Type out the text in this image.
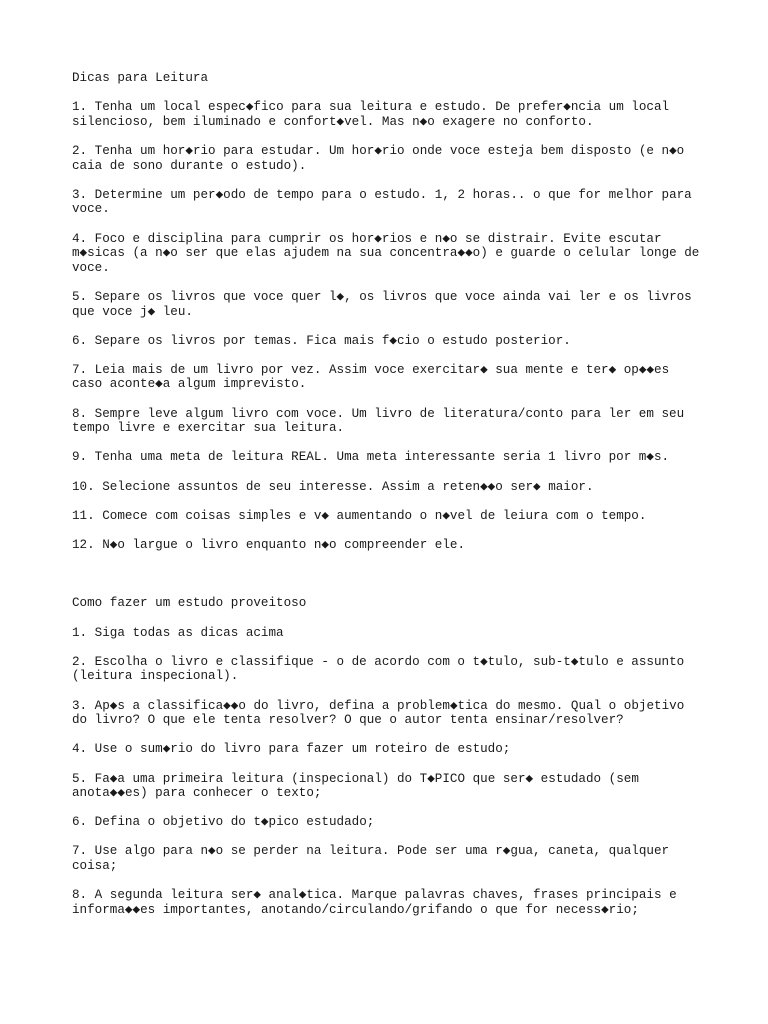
Dicas para Leitura
1. Tenha um local espec◆fico para sua leitura e estudo. De prefer◆ncia um local
silencioso, bem iluminado e confort◆vel. Mas n◆o exagere no conforto.
2. Tenha um hor◆rio para estudar. Um hor◆rio onde voce esteja bem disposto (e n◆o
caia de sono durante o estudo).
3. Determine um per◆odo de tempo para o estudo. 1, 2 horas.. o que for melhor para
voce.
4. Foco e disciplina para cumprir os hor◆rios e n◆o se distrair. Evite escutar
m◆sicas (a n◆o ser que elas ajudem na sua concentra◆◆o) e guarde o celular longe de
voce.
5. Separe os livros que voce quer l◆, os livros que voce ainda vai ler e os livros
que voce j◆ leu.
6. Separe os livros por temas. Fica mais f◆cio o estudo posterior.
7. Leia mais de um livro por vez. Assim voce exercitar◆ sua mente e ter◆ op◆◆es
caso aconte◆a algum imprevisto.
8. Sempre leve algum livro com voce. Um livro de literatura/conto para ler em seu
tempo livre e exercitar sua leitura.
9. Tenha uma meta de leitura REAL. Uma meta interessante seria 1 livro por m◆s.
10. Selecione assuntos de seu interesse. Assim a reten◆◆o ser◆ maior.
11. Comece com coisas simples e v◆ aumentando o n◆vel de leiura com o tempo.
12. N◆o largue o livro enquanto n◆o compreender ele.
Como fazer um estudo proveitoso
1. Siga todas as dicas acima
2. Escolha o livro e classifique - o de acordo com o t◆tulo, sub-t◆tulo e assunto
(leitura inspecional).
3. Ap◆s a classifica◆◆o do livro, defina a problem◆tica do mesmo. Qual o objetivo
do livro? O que ele tenta resolver? O que o autor tenta ensinar/resolver?
4. Use o sum◆rio do livro para fazer um roteiro de estudo;
5. Fa◆a uma primeira leitura (inspecional) do T◆PICO que ser◆ estudado (sem
anota◆◆es) para conhecer o texto;
6. Defina o objetivo do t◆pico estudado;
7. Use algo para n◆o se perder na leitura. Pode ser uma r◆gua, caneta, qualquer
coisa;
8. A segunda leitura ser◆ anal◆tica. Marque palavras chaves, frases principais e
informa◆◆es importantes, anotando/circulando/grifando o que for necess◆rio;
